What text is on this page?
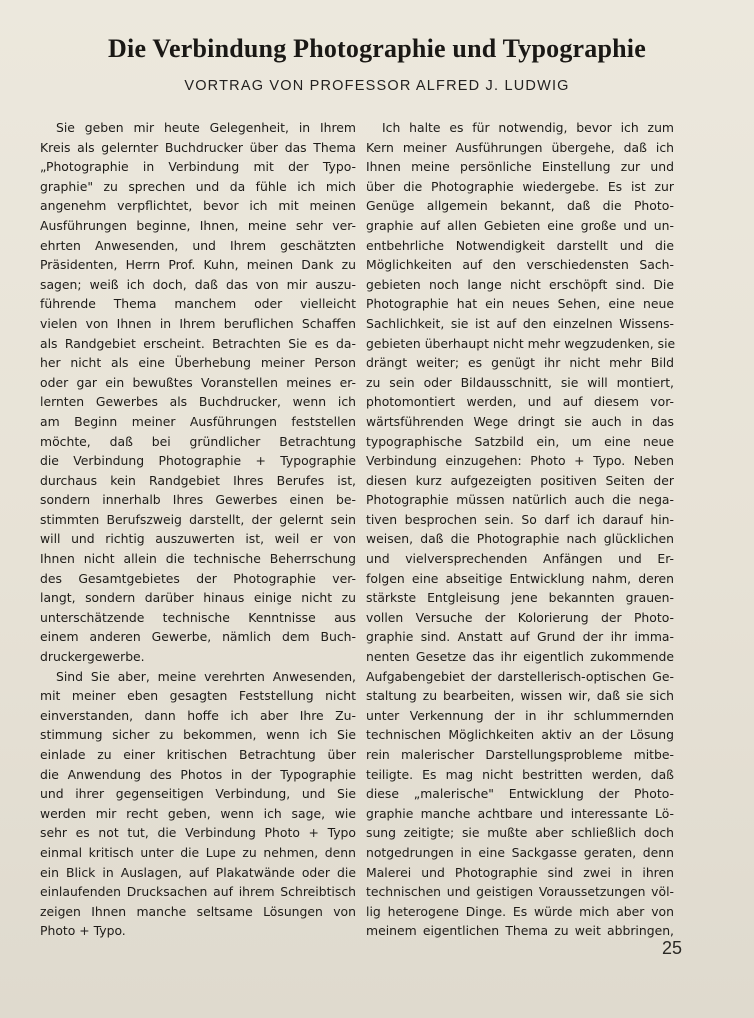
Die Verbindung Photographie und Typographie
VORTRAG VON PROFESSOR ALFRED J. LUDWIG
Sie geben mir heute Gelegenheit, in Ihrem
Kreis als gelernter Buchdrucker über das Thema
„Photographie in Verbindung mit der Typo-
graphie" zu sprechen und da fühle ich mich
angenehm verpflichtet, bevor ich mit meinen
Ausführungen beginne, Ihnen, meine sehr ver-
ehrten Anwesenden, und Ihrem geschätzten
Präsidenten, Herrn Prof. Kuhn, meinen Dank zu
sagen; weiß ich doch, daß das von mir auszu-
führende Thema manchem oder vielleicht
vielen von Ihnen in Ihrem beruflichen Schaffen
als Randgebiet erscheint. Betrachten Sie es da-
her nicht als eine Überhebung meiner Person
oder gar ein bewußtes Voranstellen meines er-
lernten Gewerbes als Buchdrucker, wenn ich
am Beginn meiner Ausführungen feststellen
möchte, daß bei gründlicher Betrachtung
die Verbindung Photographie + Typographie
durchaus kein Randgebiet Ihres Berufes ist,
sondern innerhalb Ihres Gewerbes einen be-
stimmten Berufszweig darstellt, der gelernt sein
will und richtig auszuwerten ist, weil er von
Ihnen nicht allein die technische Beherrschung
des Gesamtgebietes der Photographie ver-
langt, sondern darüber hinaus einige nicht zu
unterschätzende technische Kenntnisse aus
einem anderen Gewerbe, nämlich dem Buch-
druckergewerbe.
Sind Sie aber, meine verehrten Anwesenden,
mit meiner eben gesagten Feststellung nicht
einverstanden, dann hoffe ich aber Ihre Zu-
stimmung sicher zu bekommen, wenn ich Sie
einlade zu einer kritischen Betrachtung über
die Anwendung des Photos in der Typographie
und ihrer gegenseitigen Verbindung, und Sie
werden mir recht geben, wenn ich sage, wie
sehr es not tut, die Verbindung Photo + Typo
einmal kritisch unter die Lupe zu nehmen, denn
ein Blick in Auslagen, auf Plakatwände oder die
einlaufenden Drucksachen auf ihrem Schreibtisch
zeigen Ihnen manche seltsame Lösungen von
Photo + Typo.
Ich halte es für notwendig, bevor ich zum
Kern meiner Ausführungen übergehe, daß ich
Ihnen meine persönliche Einstellung zur und
über die Photographie wiedergebe. Es ist zur
Genüge allgemein bekannt, daß die Photo-
graphie auf allen Gebieten eine große und un-
entbehrliche Notwendigkeit darstellt und die
Möglichkeiten auf den verschiedensten Sach-
gebieten noch lange nicht erschöpft sind. Die
Photographie hat ein neues Sehen, eine neue
Sachlichkeit, sie ist auf den einzelnen Wissens-
gebieten überhaupt nicht mehr wegzudenken, sie
drängt weiter; es genügt ihr nicht mehr Bild
zu sein oder Bildausschnitt, sie will montiert,
photomontiert werden, und auf diesem vor-
wärtsführenden Wege dringt sie auch in das
typographische Satzbild ein, um eine neue
Verbindung einzugehen: Photo + Typo. Neben
diesen kurz aufgezeigten positiven Seiten der
Photographie müssen natürlich auch die nega-
tiven besprochen sein. So darf ich darauf hin-
weisen, daß die Photographie nach glücklichen
und vielversprechenden Anfängen und Er-
folgen eine abseitige Entwicklung nahm, deren
stärkste Entgleisung jene bekannten grauen-
vollen Versuche der Kolorierung der Photo-
graphie sind. Anstatt auf Grund der ihr imma-
nenten Gesetze das ihr eigentlich zukommende
Aufgabengebiet der darstellerisch-optischen Ge-
staltung zu bearbeiten, wissen wir, daß sie sich
unter Verkennung der in ihr schlummernden
technischen Möglichkeiten aktiv an der Lösung
rein malerischer Darstellungsprobleme mitbe-
teiligte. Es mag nicht bestritten werden, daß
diese „malerische" Entwicklung der Photo-
graphie manche achtbare und interessante Lö-
sung zeitigte; sie mußte aber schließlich doch
notgedrungen in eine Sackgasse geraten, denn
Malerei und Photographie sind zwei in ihren
technischen und geistigen Voraussetzungen völ-
lig heterogene Dinge. Es würde mich aber von
meinem eigentlichen Thema zu weit abbringen,
25
